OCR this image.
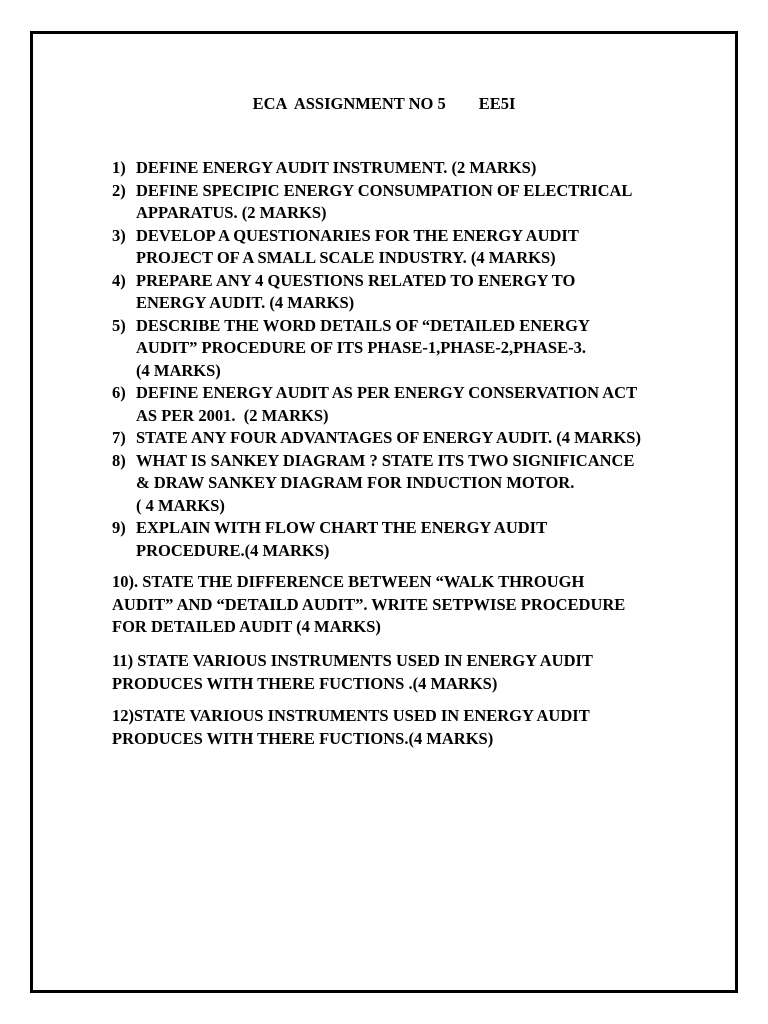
ECA  ASSIGNMENT NO 5 EE5I
1) DEFINE ENERGY AUDIT INSTRUMENT. (2 MARKS)
2) DEFINE SPECIPIC ENERGY CONSUMPATION OF ELECTRICAL
APPARATUS. (2 MARKS)
3) DEVELOP A QUESTIONARIES FOR THE ENERGY AUDIT
PROJECT OF A SMALL SCALE INDUSTRY. (4 MARKS)
4) PREPARE ANY 4 QUESTIONS RELATED TO ENERGY TO
ENERGY AUDIT. (4 MARKS)
5) DESCRIBE THE WORD DETAILS OF “DETAILED ENERGY
AUDIT” PROCEDURE OF ITS PHASE-1,PHASE-2,PHASE-3.
(4 MARKS)
6) DEFINE ENERGY AUDIT AS PER ENERGY CONSERVATION ACT
AS PER 2001.  (2 MARKS)
7) STATE ANY FOUR ADVANTAGES OF ENERGY AUDIT. (4 MARKS)
8) WHAT IS SANKEY DIAGRAM ? STATE ITS TWO SIGNIFICANCE
& DRAW SANKEY DIAGRAM FOR INDUCTION MOTOR.
( 4 MARKS)
9) EXPLAIN WITH FLOW CHART THE ENERGY AUDIT
PROCEDURE.(4 MARKS)
10). STATE THE DIFFERENCE BETWEEN “WALK THROUGH
AUDIT” AND “DETAILD AUDIT”. WRITE SETPWISE PROCEDURE
FOR DETAILED AUDIT (4 MARKS)
11) STATE VARIOUS INSTRUMENTS USED IN ENERGY AUDIT
PRODUCES WITH THERE FUCTIONS .(4 MARKS)
12)STATE VARIOUS INSTRUMENTS USED IN ENERGY AUDIT
PRODUCES WITH THERE FUCTIONS.(4 MARKS)
